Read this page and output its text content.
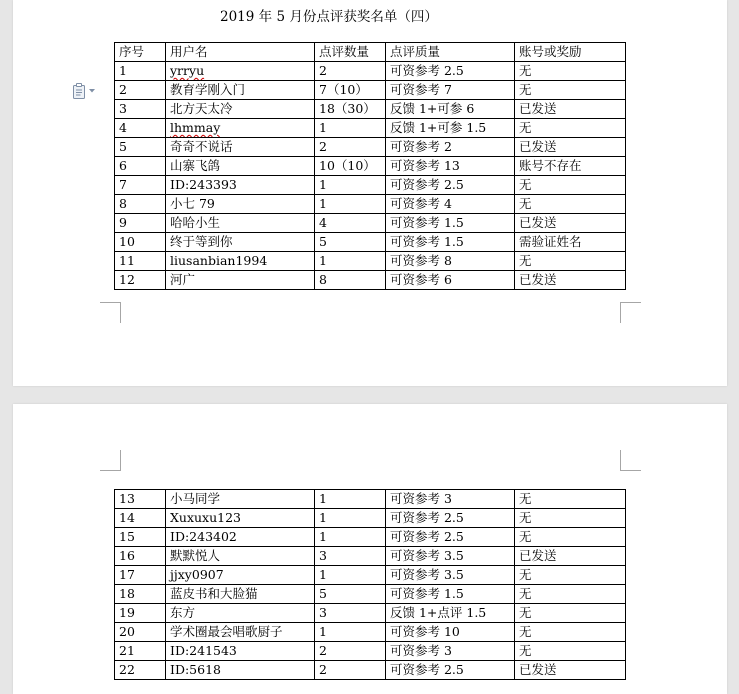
2019 年 5 月份点评获奖名单（四）
序号	用户名	点评数量	点评质量	账号或奖励
1	yrryu	2	可资参考 2.5	无
2	教育学刚入门	7（10）	可资参考 7	无
3	北方天太冷	18（30）	反馈 1+可参 6	已发送
4	lhmmay	1	反馈 1+可参 1.5	无
5	奇奇不说话	2	可资参考 2	已发送
6	山寨飞鸽	10（10）	可资参考 13	账号不存在
7	ID:243393	1	可资参考 2.5	无
8	小七 79	1	可资参考 4	无
9	哈哈小生	4	可资参考 1.5	已发送
10	终于等到你	5	可资参考 1.5	需验证姓名
11	liusanbian1994	1	可资参考 8	无
12	河广	8	可资参考 6	已发送
13	小马同学	1	可资参考 3	无
14	Xuxuxu123	1	可资参考 2.5	无
15	ID:243402	1	可资参考 2.5	无
16	默默悦人	3	可资参考 3.5	已发送
17	jjxy0907	1	可资参考 3.5	无
18	蓝皮书和大脸猫	5	可资参考 1.5	无
19	东方	3	反馈 1+点评 1.5	无
20	学术圈最会唱歌厨子	1	可资参考 10	无
21	ID:241543	2	可资参考 3	无
22	ID:5618	2	可资参考 2.5	已发送
